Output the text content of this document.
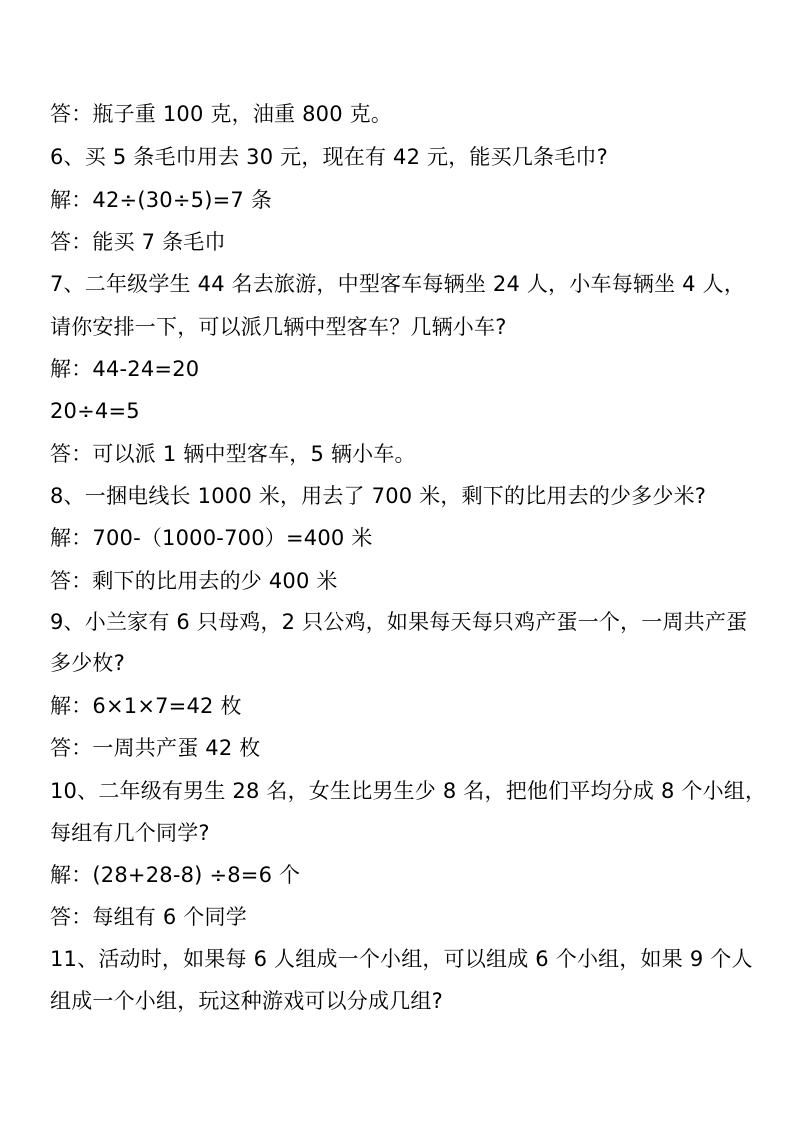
答：瓶子重 100 克，油重 800 克。
6、买 5 条毛巾用去 30 元，现在有 42 元，能买几条毛巾?
解：42÷(30÷5)=7 条
答：能买 7 条毛巾
7、二年级学生 44 名去旅游，中型客车每辆坐 24 人，小车每辆坐 4 人，
请你安排一下，可以派几辆中型客车？几辆小车?
解：44-24=20
20÷4=5
答：可以派 1 辆中型客车，5 辆小车。
8、一捆电线长 1000 米，用去了 700 米，剩下的比用去的少多少米?
解：700-（1000-700）=400 米
答：剩下的比用去的少 400 米
9、小兰家有 6 只母鸡，2 只公鸡，如果每天每只鸡产蛋一个，一周共产蛋
多少枚?
解：6×1×7=42 枚
答：一周共产蛋 42 枚
10、二年级有男生 28 名，女生比男生少 8 名，把他们平均分成 8 个小组，
每组有几个同学?
解：(28+28-8) ÷8=6 个
答：每组有 6 个同学
11、活动时，如果每 6 人组成一个小组，可以组成 6 个小组，如果 9 个人
组成一个小组，玩这种游戏可以分成几组?
